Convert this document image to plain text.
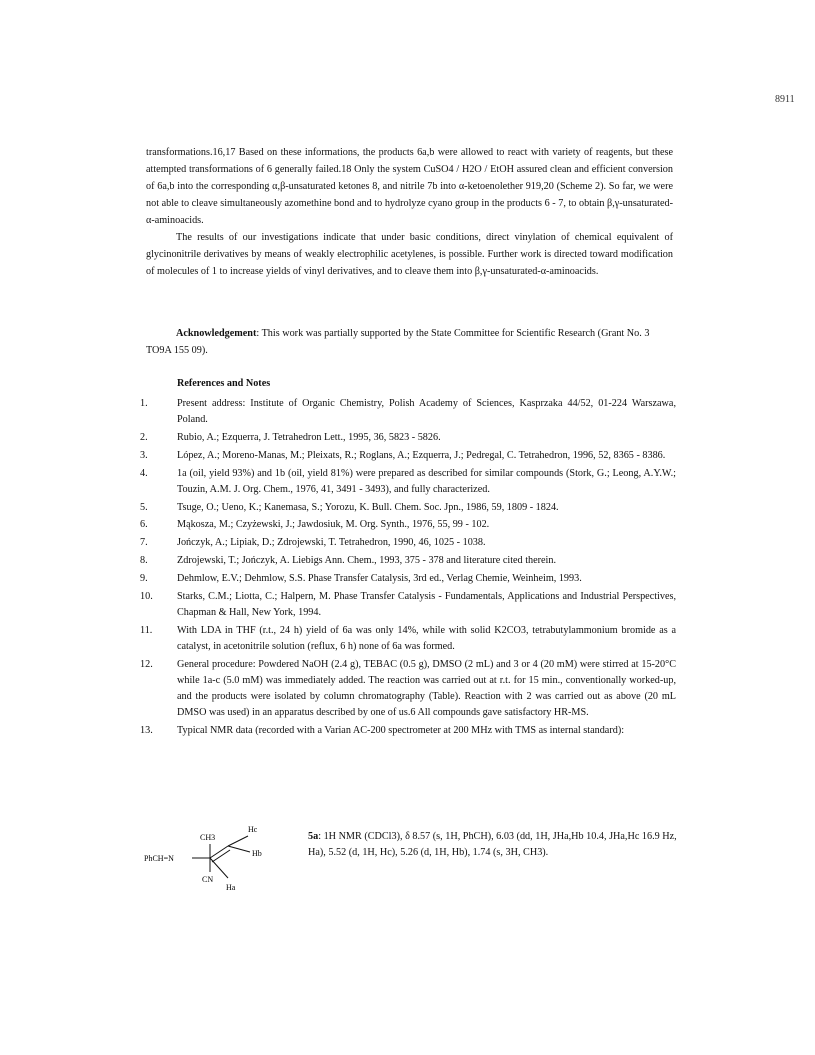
8911

transformations.16,17 Based on these informations, the products 6a,b were allowed to react with variety of reagents, but these attempted transformations of 6 generally failed.18 Only the system CuSO4 / H2O / EtOH assured clean and efficient conversion of 6a,b into the corresponding α,β-unsaturated ketones 8, and nitrile 7b into α-ketoenolether 919,20 (Scheme 2). So far, we were not able to cleave simultaneously azomethine bond and to hydrolyze cyano group in the products 6 - 7, to obtain β,γ-unsaturated-α-aminoacids.

The results of our investigations indicate that under basic conditions, direct vinylation of chemical equivalent of glycinonitrile derivatives by means of weakly electrophilic acetylenes, is possible. Further work is directed toward modification of molecules of 1 to increase yields of vinyl derivatives, and to cleave them into β,γ-unsaturated-α-aminoacids.

Acknowledgement: This work was partially supported by the State Committee for Scientific Research (Grant No. 3 TO9A 155 09).

References and Notes
1.	Present address: Institute of Organic Chemistry, Polish Academy of Sciences, Kasprzaka 44/52, 01-224 Warszawa, Poland.
2.	Rubio, A.; Ezquerra, J. Tetrahedron Lett., 1995, 36, 5823 - 5826.
3.	López, A.; Moreno-Manas, M.; Pleixats, R.; Roglans, A.; Ezquerra, J.; Pedregal, C. Tetrahedron, 1996, 52, 8365 - 8386.
4.	1a (oil, yield 93%) and 1b (oil, yield 81%) were prepared as described for similar compounds (Stork, G.; Leong, A.Y.W.; Touzin, A.M. J. Org. Chem., 1976, 41, 3491 - 3493), and fully characterized.
5.	Tsuge, O.; Ueno, K.; Kanemasa, S.; Yorozu, K. Bull. Chem. Soc. Jpn., 1986, 59, 1809 - 1824.
6.	Mąkosza, M.; Czyżewski, J.; Jawdosiuk, M. Org. Synth., 1976, 55, 99 - 102.
7.	Jończyk, A.; Lipiak, D.; Zdrojewski, T. Tetrahedron, 1990, 46, 1025 - 1038.
8.	Zdrojewski, T.; Jończyk, A. Liebigs Ann. Chem., 1993, 375 - 378 and literature cited therein.
9.	Dehmlow, E.V.; Dehmlow, S.S. Phase Transfer Catalysis, 3rd ed., Verlag Chemie, Weinheim, 1993.
10.	Starks, C.M.; Liotta, C.; Halpern, M. Phase Transfer Catalysis - Fundamentals, Applications and Industrial Perspectives, Chapman & Hall, New York, 1994.
11.	With LDA in THF (r.t., 24 h) yield of 6a was only 14%, while with solid K2CO3, tetrabutylammonium bromide as a catalyst, in acetonitrile solution (reflux, 6 h) none of 6a was formed.
12.	General procedure: Powdered NaOH (2.4 g), TEBAC (0.5 g), DMSO (2 mL) and 3 or 4 (20 mM) were stirred at 15-20°C while 1a-c (5.0 mM) was immediately added. The reaction was carried out at r.t. for 15 min., conventionally worked-up, and the products were isolated by column chromatography (Table). Reaction with 2 was carried out as above (20 mL DMSO was used) in an apparatus described by one of us.6 All compounds gave satisfactory HR-MS.
13.	Typical NMR data (recorded with a Varian AC-200 spectrometer at 200 MHz with TMS as internal standard):
PhCH=N
CH3
CN
Hc
Hb
Ha

5a: 1H NMR (CDCl3), δ 8.57 (s, 1H, PhCH), 6.03 (dd, 1H, JHa,Hb 10.4, JHa,Hc 16.9 Hz, Ha), 5.52 (d, 1H, Hc), 5.26 (d, 1H, Hb), 1.74 (s, 3H, CH3).
